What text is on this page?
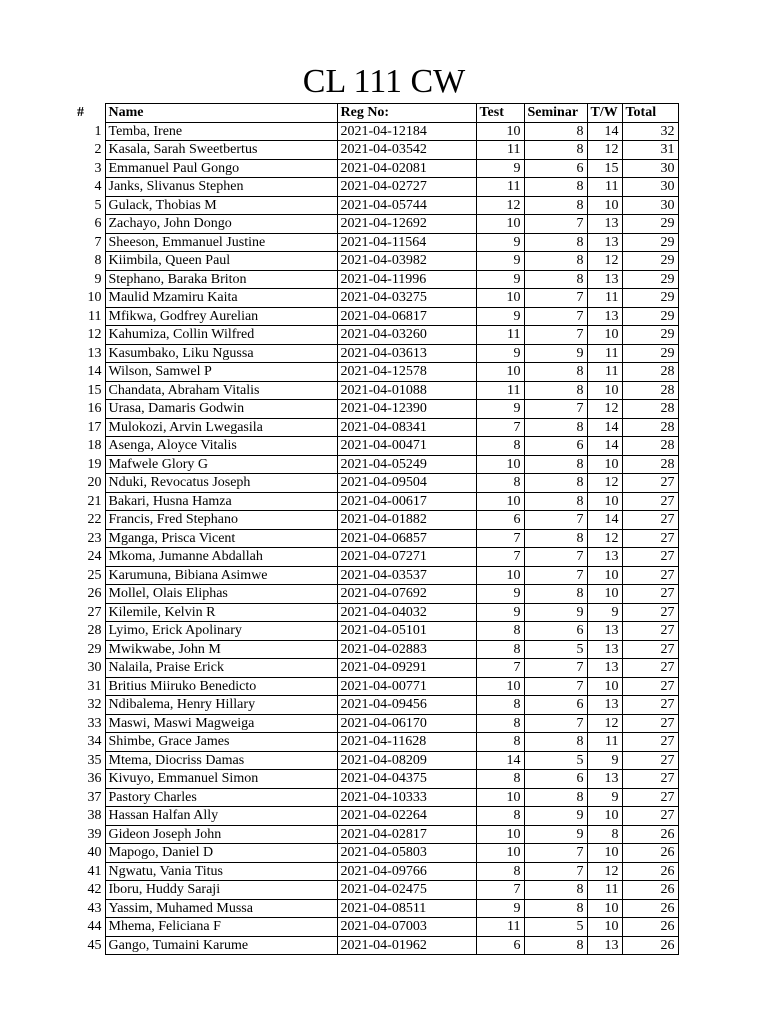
CL 111 CW
#	Name	Reg No:	Test	Seminar	T/W	Total
1	Temba, Irene	2021-04-12184	10	8	14	32
2	Kasala, Sarah Sweetbertus	2021-04-03542	11	8	12	31
3	Emmanuel Paul Gongo	2021-04-02081	9	6	15	30
4	Janks, Slivanus Stephen	2021-04-02727	11	8	11	30
5	Gulack, Thobias M	2021-04-05744	12	8	10	30
6	Zachayo, John Dongo	2021-04-12692	10	7	13	29
7	Sheeson, Emmanuel Justine	2021-04-11564	9	8	13	29
8	Kiimbila, Queen Paul	2021-04-03982	9	8	12	29
9	Stephano, Baraka Briton	2021-04-11996	9	8	13	29
10	Maulid Mzamiru Kaita	2021-04-03275	10	7	11	29
11	Mfikwa, Godfrey Aurelian	2021-04-06817	9	7	13	29
12	Kahumiza, Collin Wilfred	2021-04-03260	11	7	10	29
13	Kasumbako, Liku Ngussa	2021-04-03613	9	9	11	29
14	Wilson, Samwel P	2021-04-12578	10	8	11	28
15	Chandata, Abraham Vitalis	2021-04-01088	11	8	10	28
16	Urasa, Damaris Godwin	2021-04-12390	9	7	12	28
17	Mulokozi, Arvin Lwegasila	2021-04-08341	7	8	14	28
18	Asenga, Aloyce Vitalis	2021-04-00471	8	6	14	28
19	Mafwele Glory G	2021-04-05249	10	8	10	28
20	Nduki, Revocatus Joseph	2021-04-09504	8	8	12	27
21	Bakari, Husna Hamza	2021-04-00617	10	8	10	27
22	Francis, Fred Stephano	2021-04-01882	6	7	14	27
23	Mganga, Prisca Vicent	2021-04-06857	7	8	12	27
24	Mkoma, Jumanne Abdallah	2021-04-07271	7	7	13	27
25	Karumuna, Bibiana Asimwe	2021-04-03537	10	7	10	27
26	Mollel, Olais Eliphas	2021-04-07692	9	8	10	27
27	Kilemile, Kelvin R	2021-04-04032	9	9	9	27
28	Lyimo, Erick Apolinary	2021-04-05101	8	6	13	27
29	Mwikwabe, John M	2021-04-02883	8	5	13	27
30	Nalaila, Praise Erick	2021-04-09291	7	7	13	27
31	Britius Miiruko Benedicto	2021-04-00771	10	7	10	27
32	Ndibalema, Henry Hillary	2021-04-09456	8	6	13	27
33	Maswi, Maswi Magweiga	2021-04-06170	8	7	12	27
34	Shimbe, Grace James	2021-04-11628	8	8	11	27
35	Mtema, Diocriss Damas	2021-04-08209	14	5	9	27
36	Kivuyo, Emmanuel Simon	2021-04-04375	8	6	13	27
37	Pastory Charles	2021-04-10333	10	8	9	27
38	Hassan Halfan Ally	2021-04-02264	8	9	10	27
39	Gideon Joseph John	2021-04-02817	10	9	8	26
40	Mapogo, Daniel D	2021-04-05803	10	7	10	26
41	Ngwatu, Vania Titus	2021-04-09766	8	7	12	26
42	Iboru, Huddy Saraji	2021-04-02475	7	8	11	26
43	Yassim, Muhamed Mussa	2021-04-08511	9	8	10	26
44	Mhema, Feliciana F	2021-04-07003	11	5	10	26
45	Gango, Tumaini Karume	2021-04-01962	6	8	13	26
